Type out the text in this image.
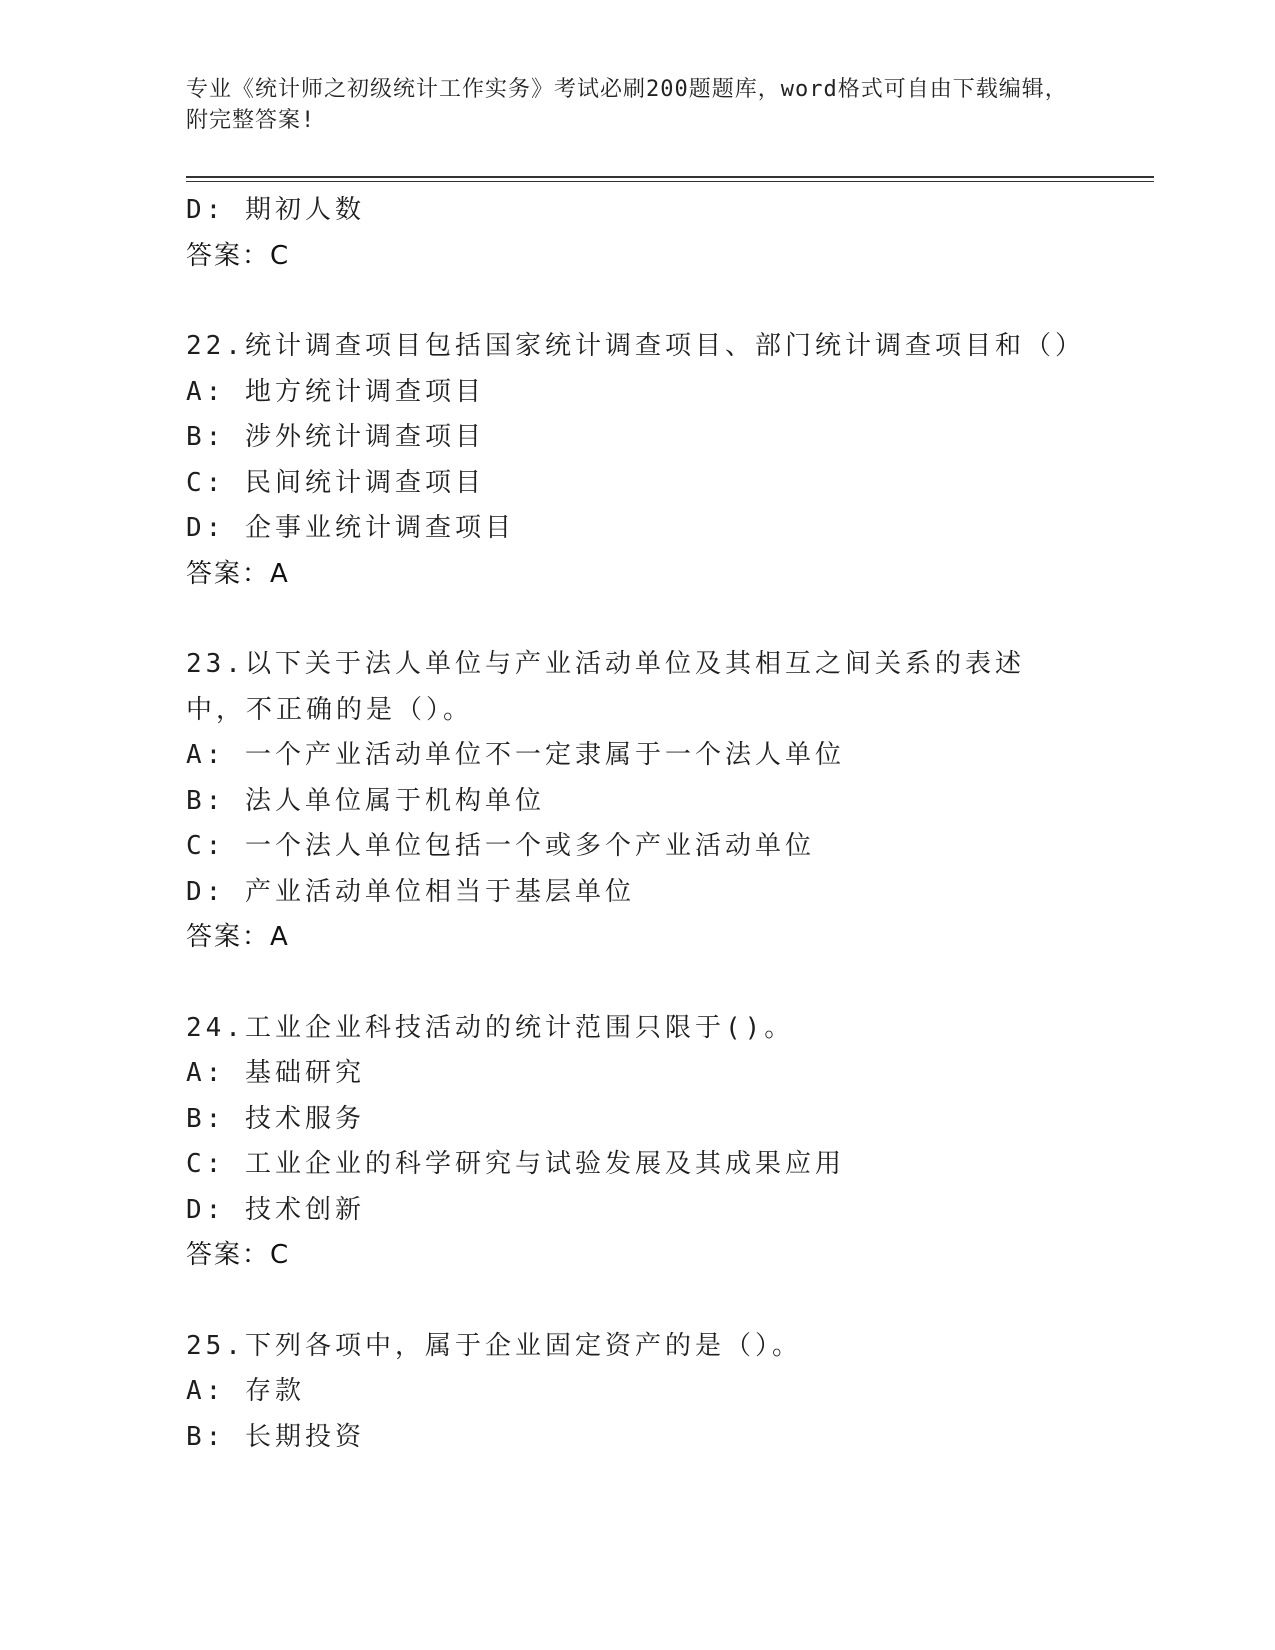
专业《统计师之初级统计工作实务》考试必刷200题题库，word格式可自由下载编辑，附完整答案!
D: 期初人数
答案：C
22.统计调查项目包括国家统计调查项目、部门统计调查项目和（）
A: 地方统计调查项目
B: 涉外统计调查项目
C: 民间统计调查项目
D: 企事业统计调查项目
答案：A
23.以下关于法人单位与产业活动单位及其相互之间关系的表述中，不正确的是（）。
A: 一个产业活动单位不一定隶属于一个法人单位
B: 法人单位属于机构单位
C: 一个法人单位包括一个或多个产业活动单位
D: 产业活动单位相当于基层单位
答案：A
24.工业企业科技活动的统计范围只限于()。
A: 基础研究
B: 技术服务
C: 工业企业的科学研究与试验发展及其成果应用
D: 技术创新
答案：C
25.下列各项中，属于企业固定资产的是（）。
A: 存款
B: 长期投资
